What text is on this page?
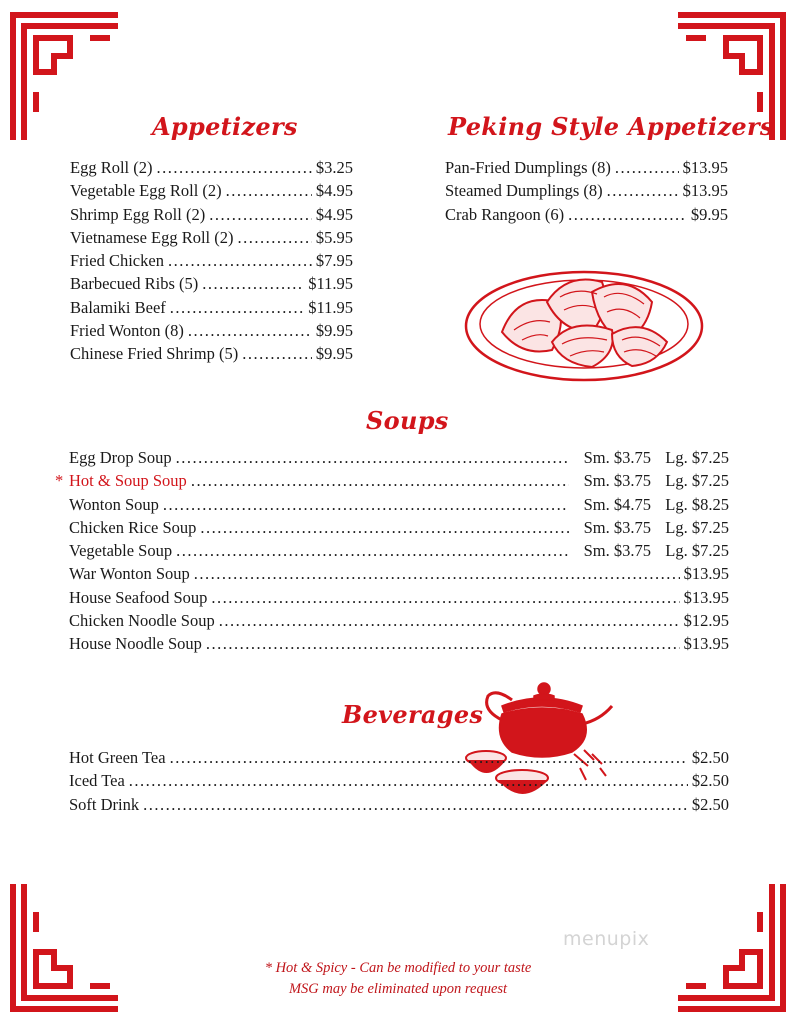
Appetizers	Peking Style Appetizers
Soups
Beverages
Egg Roll (2) .....	$3.25
Vegetable Egg Roll (2) .....	$4.95
Shrimp Egg Roll (2) .....	$4.95
Vietnamese Egg Roll (2) .....	$5.95
Fried Chicken .....	$7.95
Barbecued Ribs (5) .....	$11.95
Balamiki Beef .....	$11.95
Fried Wonton (8) .....	$9.95
Chinese Fried Shrimp (5) .....	$9.95
Pan-Fried Dumplings (8) .....	$13.95
Steamed Dumplings (8) .....	$13.95
Crab Rangoon (6) .....	$9.95
Egg Drop Soup .....	Sm. $3.75 Lg. $7.25
* Hot & Soup Soup .....	Sm. $3.75 Lg. $7.25
Wonton Soup .....	Sm. $4.75 Lg. $8.25
Chicken Rice Soup .....	Sm. $3.75 Lg. $7.25
Vegetable Soup .....	Sm. $3.75 Lg. $7.25
War Wonton Soup .....	$13.95
House Seafood Soup .....	$13.95
Chicken Noodle Soup .....	$12.95
House Noodle Soup .....	$13.95
Hot Green Tea .....	$2.50
Iced Tea .....	$2.50
Soft Drink .....	$2.50
menupix
* Hot & Spicy - Can be modified to your taste
MSG may be eliminated upon request
